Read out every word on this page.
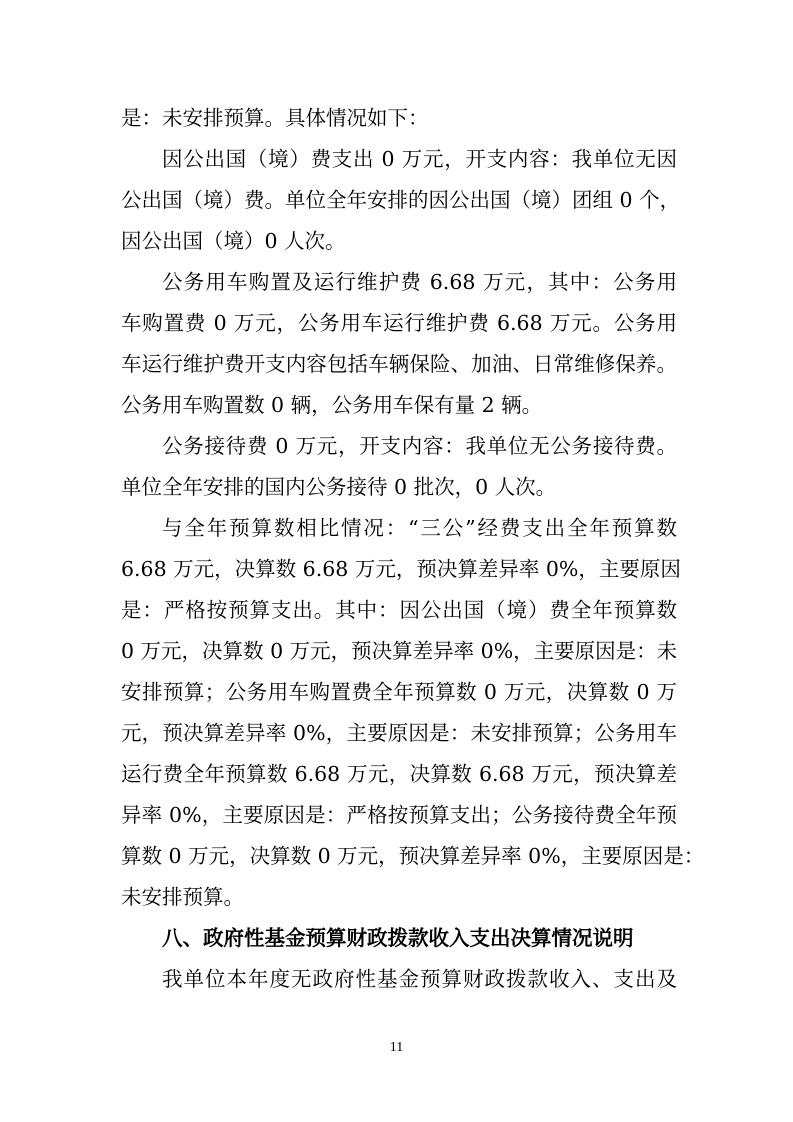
是：未安排预算。具体情况如下：
因公出国（境）费支出 0 万元，开支内容：我单位无因
公出国（境）费。单位全年安排的因公出国（境）团组 0 个，
因公出国（境）0 人次。
公务用车购置及运行维护费 6.68 万元，其中：公务用
车购置费 0 万元，公务用车运行维护费 6.68 万元。公务用
车运行维护费开支内容包括车辆保险、加油、日常维修保养。
公务用车购置数 0 辆，公务用车保有量 2 辆。
公务接待费 0 万元，开支内容：我单位无公务接待费。
单位全年安排的国内公务接待 0 批次，0 人次。
与全年预算数相比情况：“三公”经费支出全年预算数
6.68 万元，决算数 6.68 万元，预决算差异率 0%，主要原因
是：严格按预算支出。其中：因公出国（境）费全年预算数
0 万元，决算数 0 万元，预决算差异率 0%，主要原因是：未
安排预算；公务用车购置费全年预算数 0 万元，决算数 0 万
元，预决算差异率 0%，主要原因是：未安排预算；公务用车
运行费全年预算数 6.68 万元，决算数 6.68 万元，预决算差
异率 0%，主要原因是：严格按预算支出；公务接待费全年预
算数 0 万元，决算数 0 万元，预决算差异率 0%，主要原因是：
未安排预算。
八、政府性基金预算财政拨款收入支出决算情况说明
我单位本年度无政府性基金预算财政拨款收入、支出及
11
